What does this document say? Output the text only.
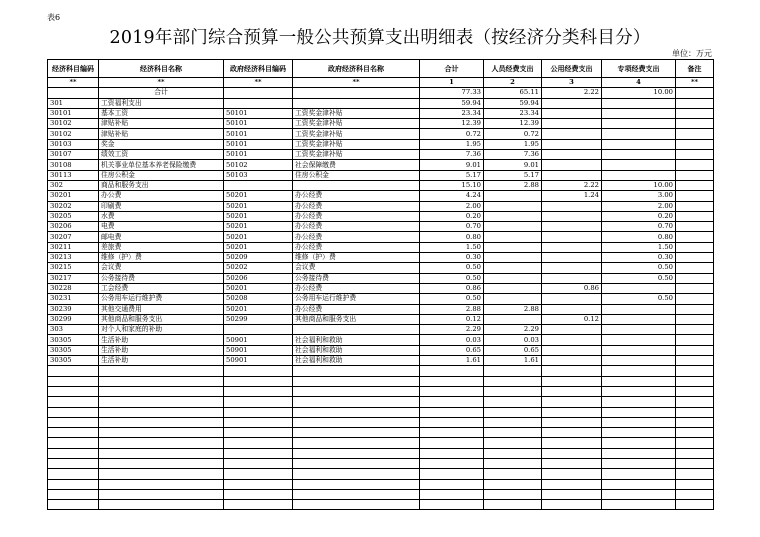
表6
2019年部门综合预算一般公共预算支出明细表（按经济分类科目分）
单位：万元
经济科目编码	经济科目名称	政府经济科目编码	政府经济科目名称	合计	人员经费支出	公用经费支出	专项经费支出	备注
**	**	**	**	1	2	3	4	**
	合计			77.33	65.11	2.22	10.00	
301	工资福利支出			59.94	59.94			
30101	基本工资	50101	工资奖金津补贴	23.34	23.34			
30102	津贴补贴	50101	工资奖金津补贴	12.39	12.39			
30102	津贴补贴	50101	工资奖金津补贴	0.72	0.72			
30103	奖金	50101	工资奖金津补贴	1.95	1.95			
30107	绩效工资	50101	工资奖金津补贴	7.36	7.36			
30108	机关事业单位基本养老保险缴费	50102	社会保障缴费	9.01	9.01			
30113	住房公积金	50103	住房公积金	5.17	5.17			
302	商品和服务支出			15.10	2.88	2.22	10.00	
30201	办公费	50201	办公经费	4.24		1.24	3.00	
30202	印刷费	50201	办公经费	2.00			2.00	
30205	水费	50201	办公经费	0.20			0.20	
30206	电费	50201	办公经费	0.70			0.70	
30207	邮电费	50201	办公经费	0.80			0.80	
30211	差旅费	50201	办公经费	1.50			1.50	
30213	维修（护）费	50209	维修（护）费	0.30			0.30	
30215	会议费	50202	会议费	0.50			0.50	
30217	公务接待费	50206	公务接待费	0.50			0.50	
30228	工会经费	50201	办公经费	0.86		0.86		
30231	公务用车运行维护费	50208	公务用车运行维护费	0.50			0.50	
30239	其他交通费用	50201	办公经费	2.88	2.88			
30299	其他商品和服务支出	50299	其他商品和服务支出	0.12		0.12		
303	对个人和家庭的补助			2.29	2.29			
30305	生活补助	50901	社会福利和救助	0.03	0.03			
30305	生活补助	50901	社会福利和救助	0.65	0.65			
30305	生活补助	50901	社会福利和救助	1.61	1.61			
